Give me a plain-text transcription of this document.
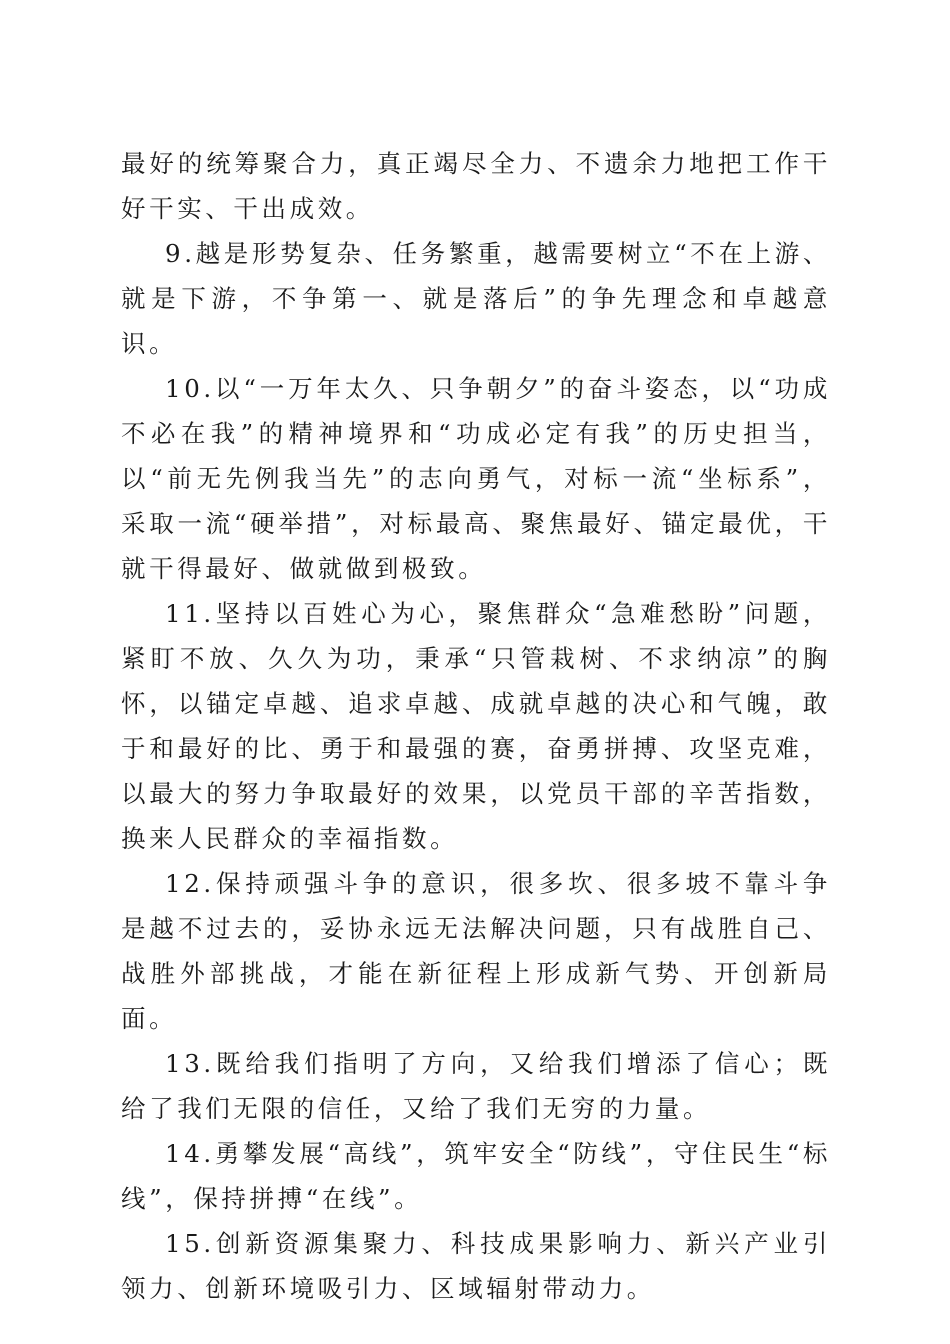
最好的统筹聚合力，真正竭尽全力、不遗余力地把工作干好干实、干出成效。

9.越是形势复杂、任务繁重，越需要树立“不在上游、就是下游，不争第一、就是落后”的争先理念和卓越意识。

10.以“一万年太久、只争朝夕”的奋斗姿态，以“功成不必在我”的精神境界和“功成必定有我”的历史担当，以“前无先例我当先”的志向勇气，对标一流“坐标系”，采取一流“硬举措”，对标最高、聚焦最好、锚定最优，干就干得最好、做就做到极致。

11.坚持以百姓心为心，聚焦群众“急难愁盼”问题，紧盯不放、久久为功，秉承“只管栽树、不求纳凉”的胸怀，以锚定卓越、追求卓越、成就卓越的决心和气魄，敢于和最好的比、勇于和最强的赛，奋勇拼搏、攻坚克难，以最大的努力争取最好的效果，以党员干部的辛苦指数，换来人民群众的幸福指数。

12.保持顽强斗争的意识，很多坎、很多坡不靠斗争是越不过去的，妥协永远无法解决问题，只有战胜自己、战胜外部挑战，才能在新征程上形成新气势、开创新局面。

13.既给我们指明了方向，又给我们增添了信心；既给了我们无限的信任，又给了我们无穷的力量。

14.勇攀发展“高线”，筑牢安全“防线”，守住民生“标线”，保持拼搏“在线”。

15.创新资源集聚力、科技成果影响力、新兴产业引领力、创新环境吸引力、区域辐射带动力。
